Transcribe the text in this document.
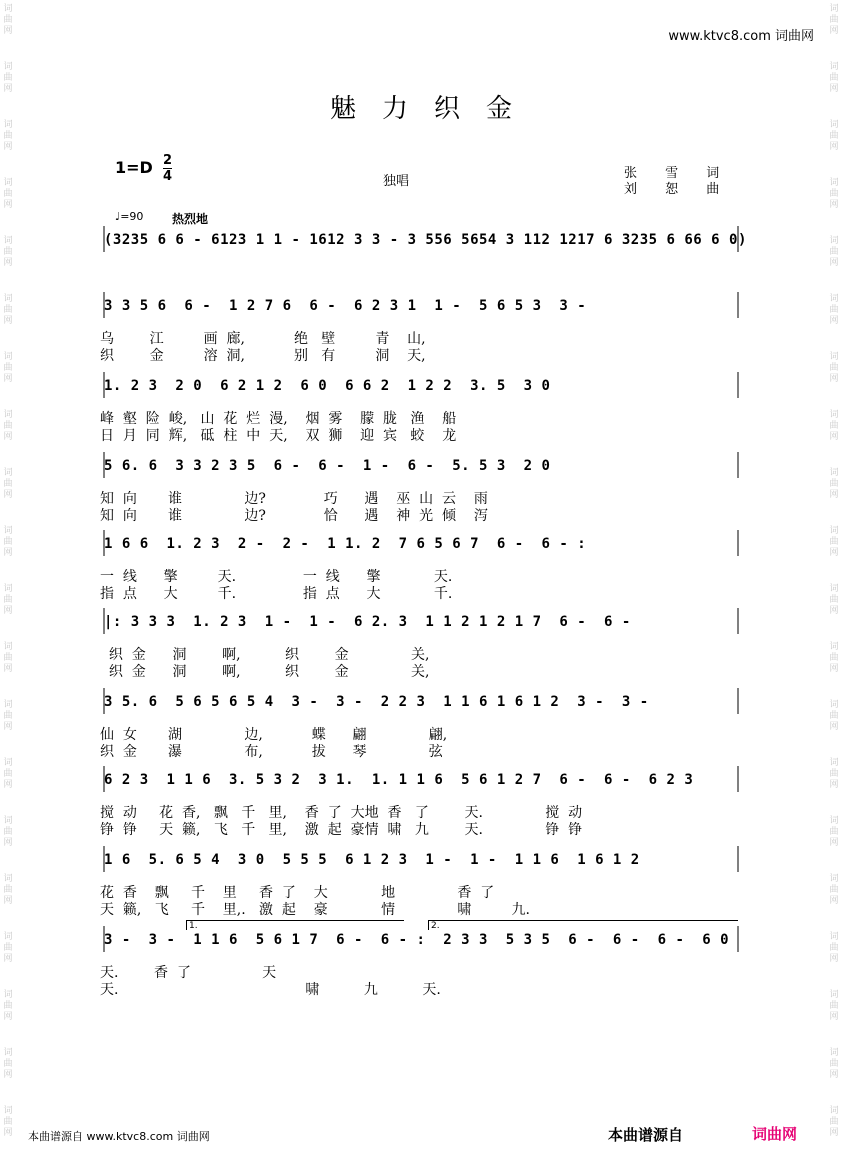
词曲网
词曲网
词曲网
词曲网
词曲网
词曲网
词曲网
词曲网
词曲网
词曲网
词曲网
词曲网
词曲网
词曲网
词曲网
词曲网
词曲网
词曲网
词曲网
词曲网
词曲网
词曲网
词曲网
词曲网
词曲网
词曲网
词曲网
词曲网
词曲网
词曲网
词曲网
词曲网
词曲网
词曲网
词曲网
词曲网
词曲网
词曲网
词曲网
词曲网
www.ktvc8.com 词曲网
魅力织金
1=D 2
4	独唱
张 雪 词
刘 恕 曲
♩=90 热烈地
(3235 6 6 - 6123 1 1 - 1612 3 3 - 3 556 5654 3 112 1217 6 3235 6 66 6 0)
3 3 5 6  6 -  1 2 7 6  6 -  6 2 3 1  1 -  5 6 5 3  3 -
乌        江         画  廊,           绝   壁         青    山,
织        金         溶  洞,           别   有         洞    天,
1. 2 3  2 0  6 2 1 2  6 0  6 6 2  1 2 2  3. 5  3 0
峰  壑  险  峻,   山  花  烂  漫,    烟  雾    朦  胧   渔    船
日  月  同  辉,   砥  柱  中  天,    双  狮    迎  宾   蛟    龙
5 6. 6  3 3 2 3 5  6 -  6 -  1 -  6 -  5. 5 3  2 0
知  向       谁              边?             巧      遇    巫  山  云    雨
知  向       谁              边?             恰      遇    神  光  倾    泻
1 6 6  1. 2 3  2 -  2 -  1 1. 2  7 6 5 6 7  6 -  6 - :
一  线      擎         天.               一  线      擎            天.
指  点      大         千.               指  点      大            千.
|: 3 3 3  1. 2 3  1 -  1 -  6 2. 3  1 1 2 1 2 1 7  6 -  6 -
织  金      洞        啊,          织        金              关,
织  金      洞        啊,          织        金              关,
3 5. 6  5 6 5 6 5 4  3 -  3 -  2 2 3  1 1 6 1 6 1 2  3 -  3 -
仙  女       湖              边,           蝶      翩              翩,
织  金       瀑              布,           拔      琴              弦
6 2 3  1 1 6  3. 5 3 2  3 1.  1. 1 1 6  5 6 1 2 7  6 -  6 -  6 2 3
搅  动     花  香,   飘   千   里,    香  了  大地  香   了        天.              搅  动
铮  铮     天  籁,   飞   千   里,    激  起  豪情  啸   九        天.              铮  铮
1 6  5. 6 5 4  3 0  5 5 5  6 1 2 3  1 -  1 -  1 1 6  1 6 1 2
花  香    飘     千    里     香  了    大            地              香  了
天  籁,   飞     千    里,.   激  起    豪            情              啸         九.
3 -  3 -  1 1 6  5 6 1 7  6 -  6 - :  2 3 3  5 3 5  6 -  6 -  6 -  6 0
天.        香  了                天
天.                                          啸          九          天.
1.	2.
本曲谱源自 www.ktvc8.com 词曲网	本曲谱源自	词曲网
